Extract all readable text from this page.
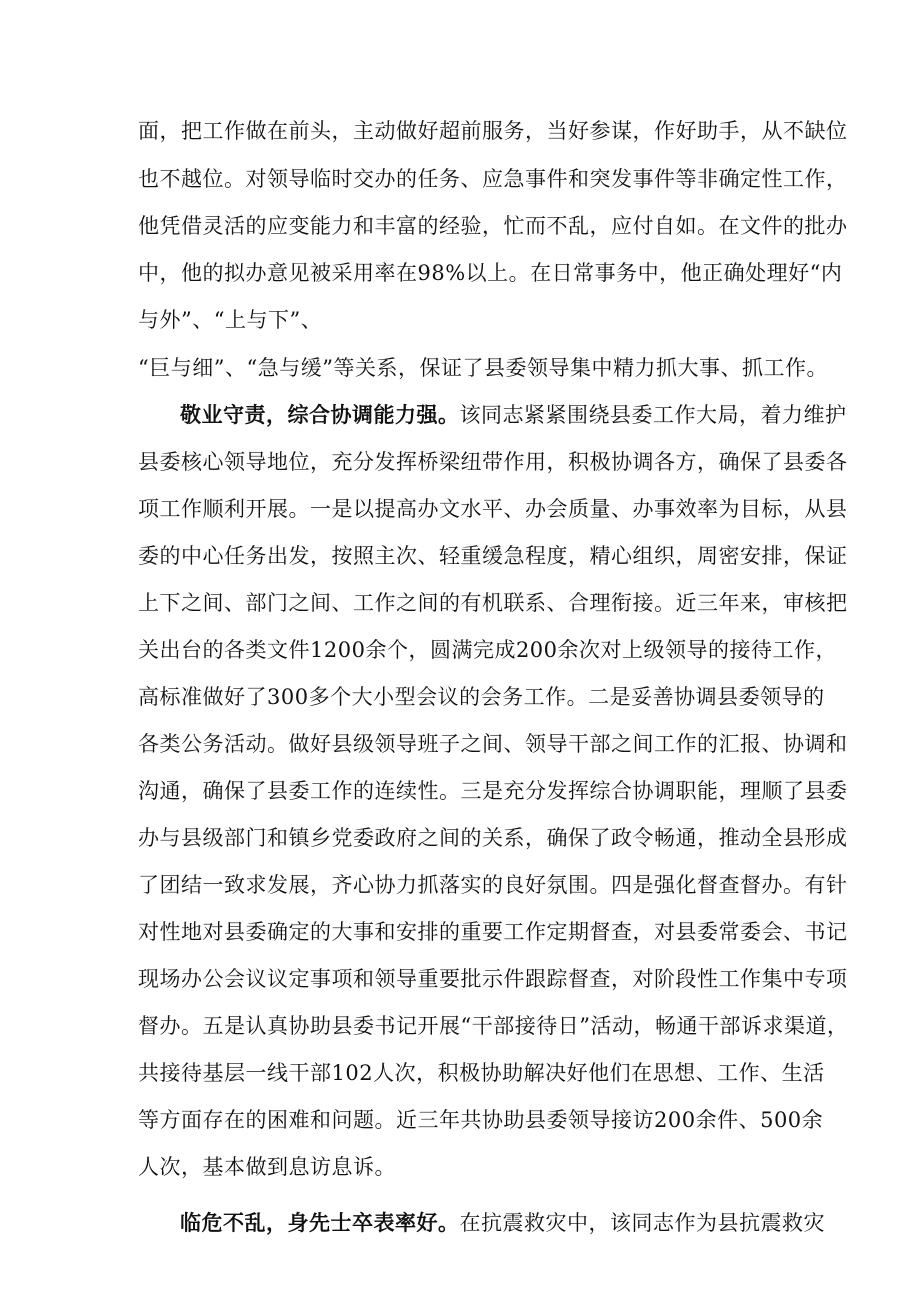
面，把工作做在前头，主动做好超前服务，当好参谋，作好助手，从不缺位
也不越位。对领导临时交办的任务、应急事件和突发事件等非确定性工作，
他凭借灵活的应变能力和丰富的经验，忙而不乱，应付自如。在文件的批办
中，他的拟办意见被采用率在98%以上。在日常事务中，他正确处理好“内
与外”、“上与下”、
“巨与细”、“急与缓”等关系，保证了县委领导集中精力抓大事、抓工作。
敬业守责，综合协调能力强。该同志紧紧围绕县委工作大局，着力维护
县委核心领导地位，充分发挥桥梁纽带作用，积极协调各方，确保了县委各
项工作顺利开展。一是以提高办文水平、办会质量、办事效率为目标，从县
委的中心任务出发，按照主次、轻重缓急程度，精心组织，周密安排，保证
上下之间、部门之间、工作之间的有机联系、合理衔接。近三年来，审核把
关出台的各类文件1200余个，圆满完成200余次对上级领导的接待工作，
高标准做好了300多个大小型会议的会务工作。二是妥善协调县委领导的
各类公务活动。做好县级领导班子之间、领导干部之间工作的汇报、协调和
沟通，确保了县委工作的连续性。三是充分发挥综合协调职能，理顺了县委
办与县级部门和镇乡党委政府之间的关系，确保了政令畅通，推动全县形成
了团结一致求发展，齐心协力抓落实的良好氛围。四是强化督查督办。有针
对性地对县委确定的大事和安排的重要工作定期督查，对县委常委会、书记
现场办公会议议定事项和领导重要批示件跟踪督查，对阶段性工作集中专项
督办。五是认真协助县委书记开展“干部接待日”活动，畅通干部诉求渠道，
共接待基层一线干部102人次，积极协助解决好他们在思想、工作、生活
等方面存在的困难和问题。近三年共协助县委领导接访200余件、500余
人次，基本做到息访息诉。
临危不乱，身先士卒表率好。在抗震救灾中，该同志作为县抗震救灾
